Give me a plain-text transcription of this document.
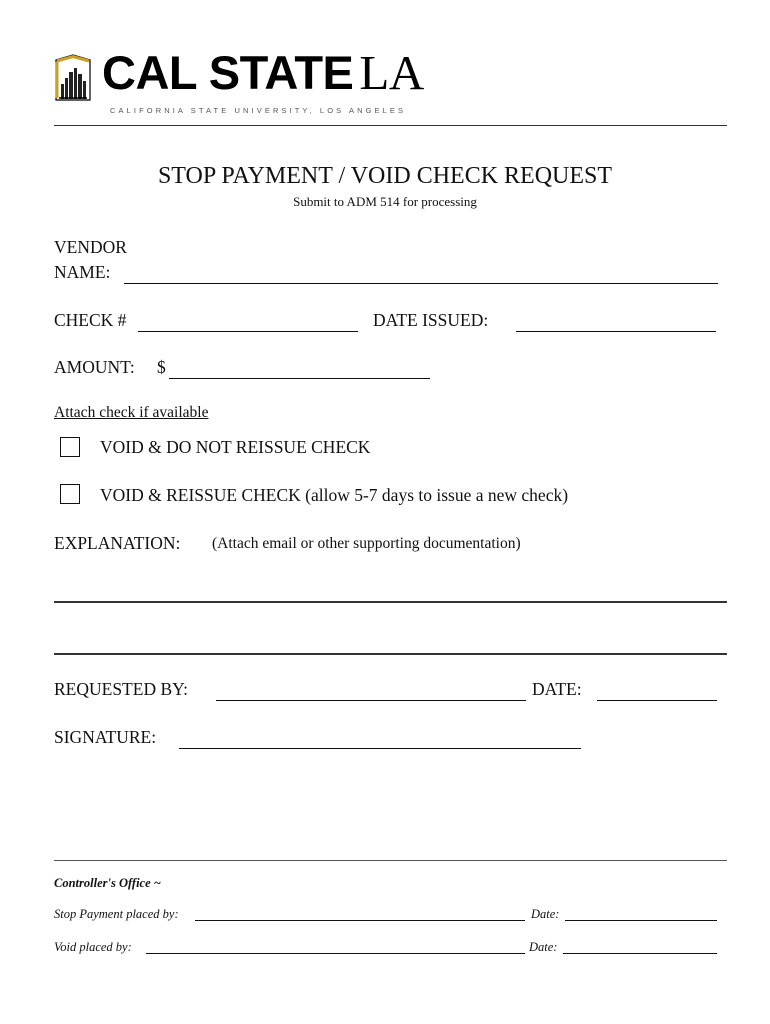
CAL STATE LA
CALIFORNIA STATE UNIVERSITY, LOS ANGELES
STOP PAYMENT / VOID CHECK REQUEST
Submit to ADM 514 for processing
VENDOR
NAME:
CHECK #	DATE ISSUED:
AMOUNT: $
Attach check if available
VOID & DO NOT REISSUE CHECK
VOID & REISSUE CHECK (allow 5-7 days to issue a new check)
EXPLANATION: (Attach email or other supporting documentation)
REQUESTED BY:	DATE:
SIGNATURE:
Controller's Office ~
Stop Payment placed by:	Date:
Void placed by:	Date:
